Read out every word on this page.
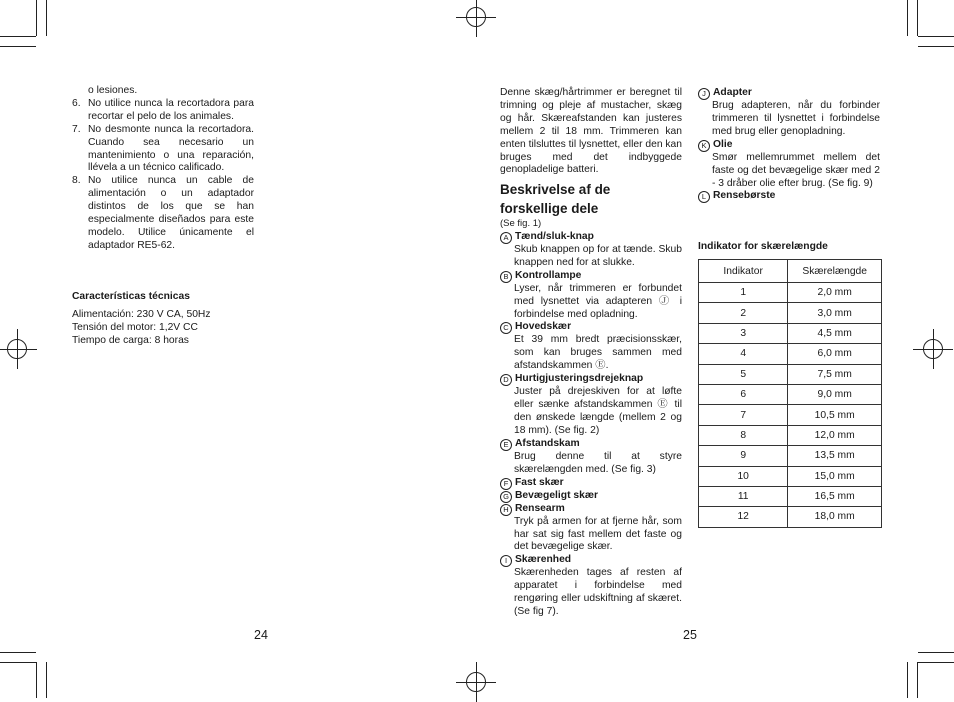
o lesiones.
6. No utilice nunca la recortadora para recortar el pelo de los animales.
7. No desmonte nunca la recortadora. Cuando sea necesario un mantenimiento o una reparación, llévela a un técnico calificado.
8. No utilice nunca un cable de alimentación o un adaptador distintos de los que se han especialmente diseñados para este modelo. Utilice únicamente el adaptador RE5-62.
Características técnicas
Alimentación: 230 V CA, 50Hz
Tensión del motor: 1,2V CC
Tiempo de carga: 8 horas
24

Denne skæg/hårtrimmer er beregnet til trimning og pleje af mustacher, skæg og hår. Skæreafstanden kan justeres mellem 2 til 18 mm. Trimmeren kan enten tilsluttes til lysnettet, eller den kan bruges med det indbyggede genopladelige batteri.

Beskrivelse af de
forskellige dele
(Se fig. 1)
A Tænd/sluk-knap
Skub knappen op for at tænde. Skub knappen ned for at slukke.
B Kontrollampe
Lyser, når trimmeren er forbundet med lysnettet via adapteren Ⓙ i forbindelse med opladning.
C Hovedskær
Et 39 mm bredt præcisionsskær, som kan bruges sammen med afstandskammen Ⓔ.
D Hurtigjusteringsdrejeknap
Juster på drejeskiven for at løfte eller sænke afstandskammen Ⓔ til den ønskede længde (mellem 2 og 18 mm). (Se fig. 2)
E Afstandskam
Brug denne til at styre skærelængden med. (Se fig. 3)
F Fast skær
G Bevægeligt skær
H Rensearm
Tryk på armen for at fjerne hår, som har sat sig fast mellem det faste og det bevægelige skær.
I Skærenhed
Skærenheden tages af resten af apparatet i forbindelse med rengøring eller udskiftning af skæret. (Se fig 7).
25
J Adapter
Brug adapteren, når du forbinder trimmeren til lysnettet i forbindelse med brug eller genopladning.
K Olie
Smør mellemrummet mellem det faste og det bevægelige skær med 2 - 3 dråber olie efter brug. (Se fig. 9)
L Rensebørste
Indikator for skærelængde
Indikator	Skærelængde
1	2,0 mm
2	3,0 mm
3	4,5 mm
4	6,0 mm
5	7,5 mm
6	9,0 mm
7	10,5 mm
8	12,0 mm
9	13,5 mm
10	15,0 mm
11	16,5 mm
12	18,0 mm
